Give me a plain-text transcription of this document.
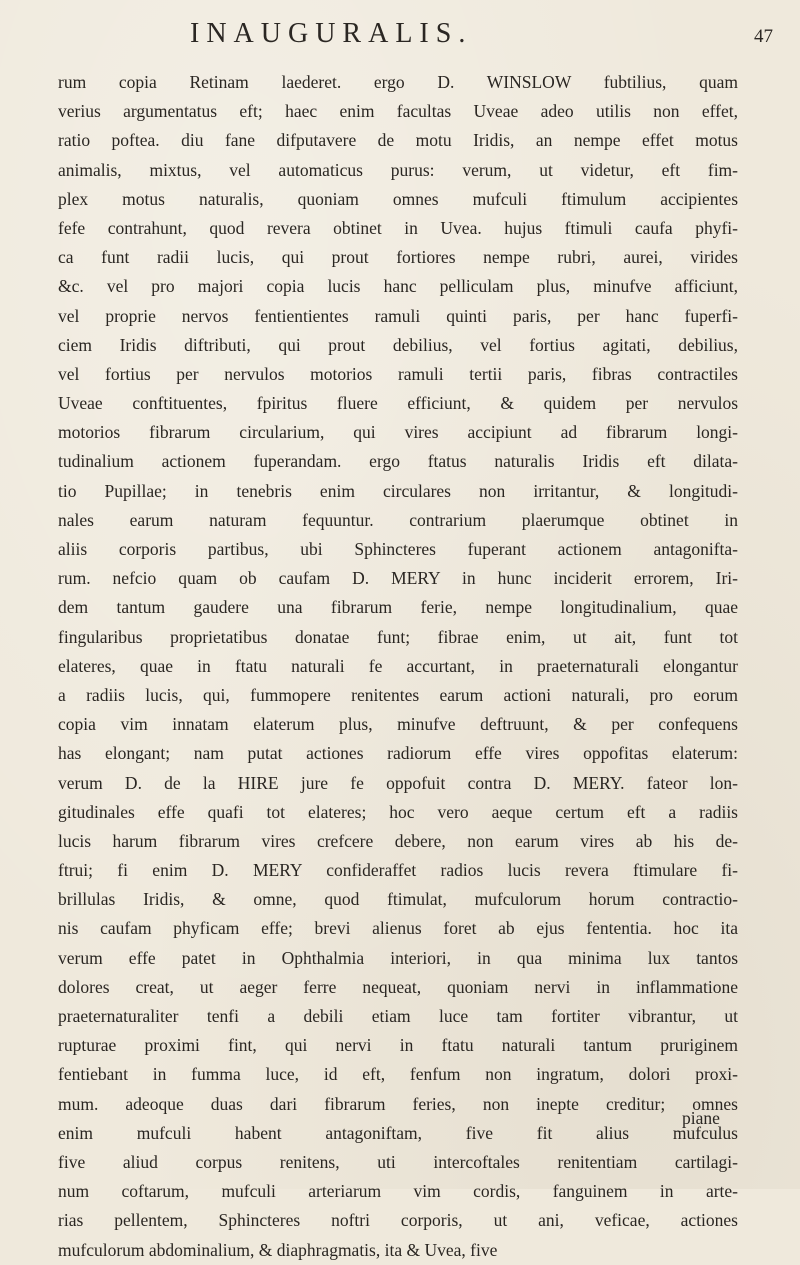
INAUGURALIS.	47
rum copia Retinam laederet. ergo D. WINSLOW fubtilius, quam
verius argumentatus eft; haec enim facultas Uveae adeo utilis non effet,
ratio poftea. diu fane difputavere de motu Iridis, an nempe effet motus
animalis, mixtus, vel automaticus purus: verum, ut videtur, eft fim-
plex motus naturalis, quoniam omnes mufculi ftimulum accipientes
fefe contrahunt, quod revera obtinet in Uvea. hujus ftimuli caufa phyfi-
ca funt radii lucis, qui prout fortiores nempe rubri, aurei, virides
&c. vel pro majori copia lucis hanc pelliculam plus, minufve afficiunt,
vel proprie nervos fentientientes ramuli quinti paris, per hanc fuperfi-
ciem Iridis diftributi, qui prout debilius, vel fortius agitati, debilius,
vel fortius per nervulos motorios ramuli tertii paris, fibras contractiles
Uveae conftituentes, fpiritus fluere efficiunt, & quidem per nervulos
motorios fibrarum circularium, qui vires accipiunt ad fibrarum longi-
tudinalium actionem fuperandam. ergo ftatus naturalis Iridis eft dilata-
tio Pupillae; in tenebris enim circulares non irritantur, & longitudi-
nales earum naturam fequuntur. contrarium plaerumque obtinet in
aliis corporis partibus, ubi Sphincteres fuperant actionem antagonifta-
rum. nefcio quam ob caufam D. MERY in hunc inciderit errorem, Iri-
dem tantum gaudere una fibrarum ferie, nempe longitudinalium, quae
fingularibus proprietatibus donatae funt; fibrae enim, ut ait, funt tot
elateres, quae in ftatu naturali fe accurtant, in praeternaturali elongantur
a radiis lucis, qui, fummopere renitentes earum actioni naturali, pro eorum
copia vim innatam elaterum plus, minufve deftruunt, & per confequens
has elongant; nam putat actiones radiorum effe vires oppofitas elaterum:
verum D. de la HIRE jure fe oppofuit contra D. MERY. fateor lon-
gitudinales effe quafi tot elateres; hoc vero aeque certum eft a radiis
lucis harum fibrarum vires crefcere debere, non earum vires ab his de-
ftrui; fi enim D. MERY confideraffet radios lucis revera ftimulare fi-
brillulas Iridis, & omne, quod ftimulat, mufculorum horum contractio-
nis caufam phyficam effe; brevi alienus foret ab ejus fententia. hoc ita
verum effe patet in Ophthalmia interiori, in qua minima lux tantos
dolores creat, ut aeger ferre nequeat, quoniam nervi in inflammatione
praeternaturaliter tenfi a debili etiam luce tam fortiter vibrantur, ut
rupturae proximi fint, qui nervi in ftatu naturali tantum pruriginem
fentiebant in fumma luce, id eft, fenfum non ingratum, dolori proxi-
mum. adeoque duas dari fibrarum feries, non inepte creditur; omnes
enim mufculi habent antagoniftam, five fit alius mufculus
five aliud corpus renitens, uti intercoftales renitentiam cartilagi-
num coftarum, mufculi arteriarum vim cordis, fanguinem in arte-
rias pellentem, Sphincteres noftri corporis, ut ani, veficae, actiones
mufculorum abdominalium, & diaphragmatis, ita & Uvea, five
piane
